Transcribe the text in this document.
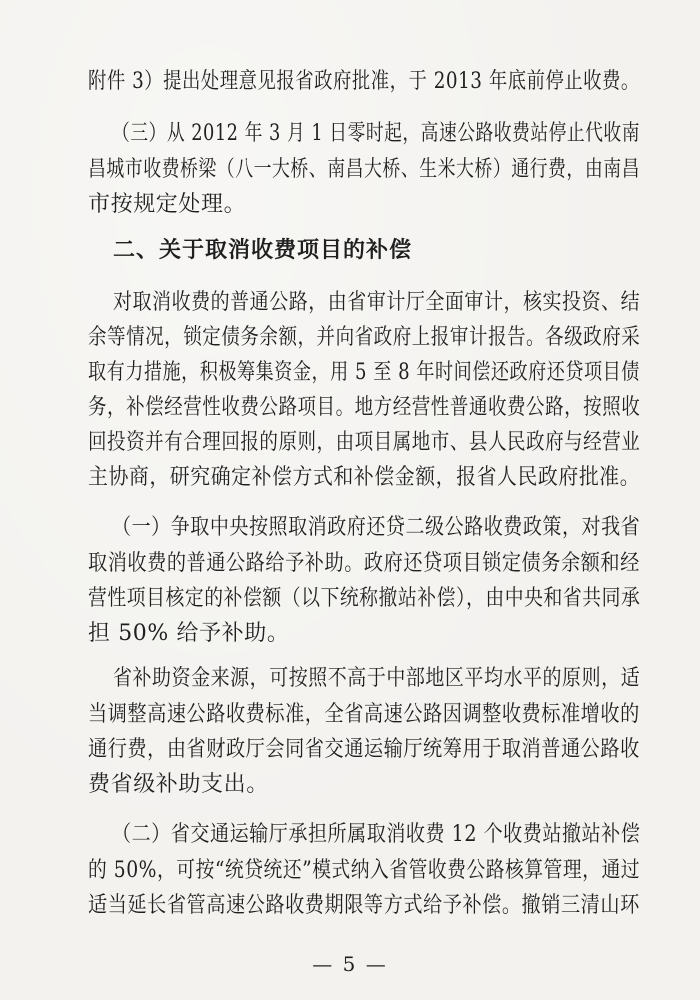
附件 3）提出处理意见报省政府批准，于 2013 年底前停止收费。
（三）从 2012 年 3 月 1 日零时起，高速公路收费站停止代收南
昌城市收费桥梁（八一大桥、南昌大桥、生米大桥）通行费，由南昌
市按规定处理。
二、关于取消收费项目的补偿
对取消收费的普通公路，由省审计厅全面审计，核实投资、结
余等情况，锁定债务余额，并向省政府上报审计报告。各级政府采
取有力措施，积极筹集资金，用 5 至 8 年时间偿还政府还贷项目债
务，补偿经营性收费公路项目。地方经营性普通收费公路，按照收
回投资并有合理回报的原则，由项目属地市、县人民政府与经营业
主协商，研究确定补偿方式和补偿金额，报省人民政府批准。
（一）争取中央按照取消政府还贷二级公路收费政策，对我省
取消收费的普通公路给予补助。政府还贷项目锁定债务余额和经
营性项目核定的补偿额（以下统称撤站补偿），由中央和省共同承
担 50% 给予补助。
省补助资金来源，可按照不高于中部地区平均水平的原则，适
当调整高速公路收费标准，全省高速公路因调整收费标准增收的
通行费，由省财政厅会同省交通运输厅统筹用于取消普通公路收
费省级补助支出。
（二）省交通运输厅承担所属取消收费 12 个收费站撤站补偿
的 50%，可按“统贷统还”模式纳入省管收费公路核算管理，通过
适当延长省管高速公路收费期限等方式给予补偿。撤销三清山环
— 5 —
